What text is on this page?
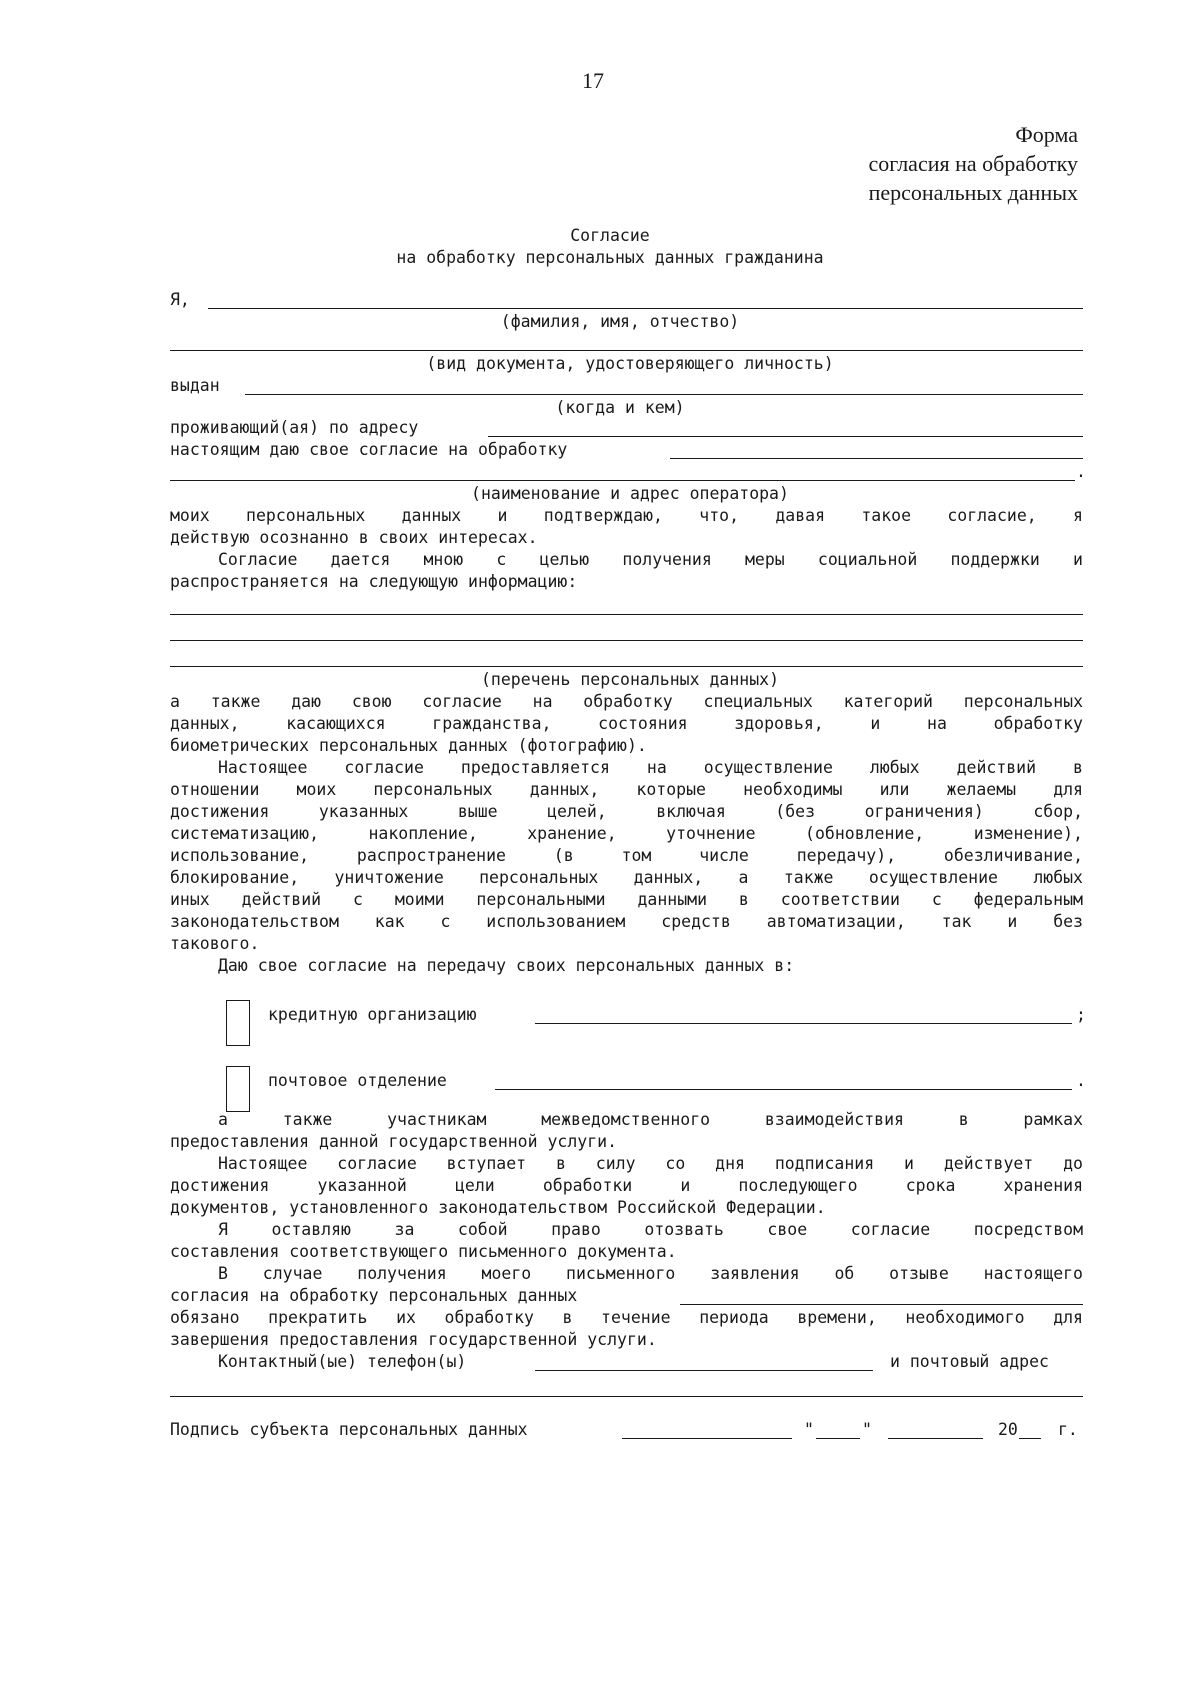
17
Форма
согласия на обработку
персональных данных
Согласие
на обработку персональных данных гражданина
Я,
(фамилия, имя, отчество)
(вид документа, удостоверяющего личность)
выдан
(когда и кем)
проживающий(ая) по адресу
настоящим даю свое согласие на обработку
.
(наименование и адрес оператора)
моих персональных данных и подтверждаю, что, давая такое согласие, я
действую осознанно в своих интересах.
Согласие дается мною с целью получения меры социальной поддержки и
распространяется на следующую информацию:
(перечень персональных данных)
а также даю свою согласие на обработку специальных категорий персональных
данных, касающихся гражданства, состояния здоровья, и на обработку
биометрических персональных данных (фотографию).
Настоящее согласие предоставляется на осуществление любых действий в
отношении моих персональных данных, которые необходимы или желаемы для
достижения указанных выше целей, включая (без ограничения) сбор,
систематизацию, накопление, хранение, уточнение (обновление, изменение),
использование, распространение (в том числе передачу), обезличивание,
блокирование, уничтожение персональных данных, а также осуществление любых
иных действий с моими персональными данными в соответствии с федеральным
законодательством как с использованием средств автоматизации, так и без
такового.
Даю свое согласие на передачу своих персональных данных в:
кредитную организацию	;
почтовое отделение	.
а также участникам межведомственного взаимодействия в рамках
предоставления данной государственной услуги.
Настоящее согласие вступает в силу со дня подписания и действует до
достижения указанной цели обработки и последующего срока хранения
документов, установленного законодательством Российской Федерации.
Я оставляю за собой право отозвать свое согласие посредством
составления соответствующего письменного документа.
В случае получения моего письменного заявления об отзыве настоящего
согласия на обработку персональных данных
обязано прекратить их обработку в течение периода времени, необходимого для
завершения предоставления государственной услуги.
Контактный(ые) телефон(ы)	и почтовый адрес
Подпись субъекта персональных данных	"	"	20 г.
